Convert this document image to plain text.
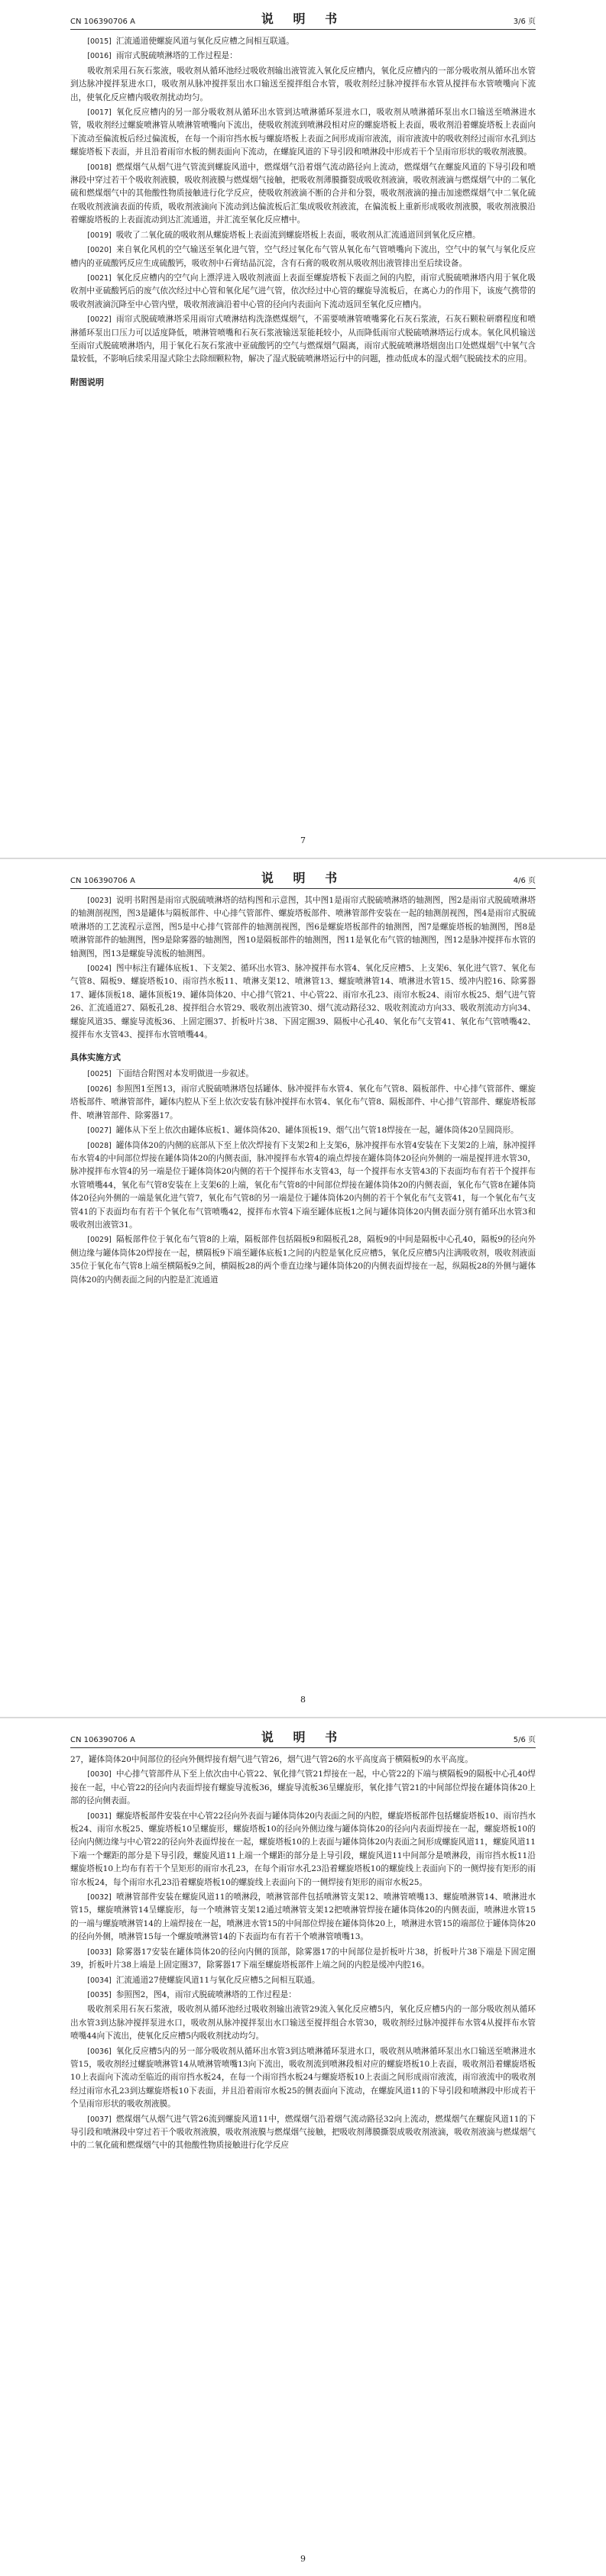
CN 106390706 A	说 明 书	3/6 页

[0015] 汇流通道使螺旋风道与氧化反应槽之间相互联通。

[0016] 雨帘式脱硫喷淋塔的工作过程是：

吸收剂采用石灰石浆液，吸收剂从循环池经过吸收剂输出液管流入氧化反应槽内，氧化反应槽内的一部分吸收剂从循环出水管到达脉冲搅拌泵进水口，吸收剂从脉冲搅拌泵出水口输送至搅拌组合水管，吸收剂经过脉冲搅拌布水管从搅拌布水管喷嘴向下流出，使氧化反应槽内吸收剂扰动均匀。

[0017] 氧化反应槽内的另一部分吸收剂从循环出水管到达喷淋循环泵进水口，吸收剂从喷淋循环泵出水口输送至喷淋进水管，吸收剂经过螺旋喷淋管从喷淋管喷嘴向下流出，使吸收剂流到喷淋段相对应的螺旋塔板上表面，吸收剂沿着螺旋塔板上表面向下流动至偏流板后经过偏流板，在每一个雨帘挡水板与螺旋塔板上表面之间形成雨帘液流，雨帘液流中的吸收剂经过雨帘水孔到达螺旋塔板下表面，并且沿着雨帘水板的侧表面向下流动，在螺旋风道的下导引段和喷淋段中形成若干个呈雨帘形状的吸收剂液膜。

[0018] 燃煤烟气从烟气进气管流到螺旋风道中，燃煤烟气沿着烟气流动路径向上流动，燃煤烟气在螺旋风道的下导引段和喷淋段中穿过若干个吸收剂液膜，吸收剂液膜与燃煤烟气接触，把吸收剂薄膜撕裂成吸收剂液滴，吸收剂液滴与燃煤烟气中的二氧化硫和燃煤烟气中的其他酸性物质接触进行化学反应，使吸收剂液滴不断的合并和分裂，吸收剂液滴的撞击加速燃煤烟气中二氧化硫在吸收剂液滴表面的传质，吸收剂液滴向下流动到达偏流板后汇集成吸收剂液流，在偏流板上重新形成吸收剂液膜，吸收剂液膜沿着螺旋塔板的上表面流动到达汇流通道，并汇流至氧化反应槽中。

[0019] 吸收了二氧化硫的吸收剂从螺旋塔板上表面流到螺旋塔板上表面，吸收剂从汇流通道回到氧化反应槽。

[0020] 来自氧化风机的空气输送至氧化进气管，空气经过氧化布气管从氧化布气管喷嘴向下流出，空气中的氧气与氧化反应槽内的亚硫酸钙反应生成硫酸钙，吸收剂中石膏结晶沉淀，含有石膏的吸收剂从吸收剂出液管排出至后续设备。

[0021] 氧化反应槽内的空气向上漂浮进入吸收剂液面上表面至螺旋塔板下表面之间的内腔，雨帘式脱硫喷淋塔内用于氧化吸收剂中亚硫酸钙后的废气依次经过中心管和氧化尾气进气管，依次经过中心管的螺旋导流板后，在离心力的作用下，该废气携带的吸收剂液滴沉降至中心管内壁，吸收剂液滴沿着中心管的径向内表面向下流动返回至氧化反应槽内。

[0022] 雨帘式脱硫喷淋塔采用雨帘式喷淋结构洗涤燃煤烟气，不需要喷淋管喷嘴雾化石灰石浆液，石灰石颗粒研磨程度和喷淋循环泵出口压力可以适度降低，喷淋管喷嘴和石灰石浆液输送泵能耗较小，从而降低雨帘式脱硫喷淋塔运行成本。氧化风机输送至雨帘式脱硫喷淋塔内，用于氧化石灰石浆液中亚硫酸钙的空气与燃煤烟气隔离，雨帘式脱硫喷淋塔烟囱出口处燃煤烟气中氧气含量较低，不影响后续采用湿式除尘去除细颗粒物，解决了湿式脱硫喷淋塔运行中的问题，推动低成本的湿式烟气脱硫技术的应用。

附图说明
7
CN 106390706 A	说 明 书	4/6 页

[0023] 说明书附图是雨帘式脱硫喷淋塔的结构图和示意图，其中图1是雨帘式脱硫喷淋塔的轴测图，图2是雨帘式脱硫喷淋塔的轴测剖视图，图3是罐体与隔板部件、中心排气管部件、螺旋塔板部件、喷淋管部件安装在一起的轴测剖视图，图4是雨帘式脱硫喷淋塔的工艺流程示意图，图5是中心排气管部件的轴测剖视图，图6是螺旋塔板部件的轴测图，图7是螺旋塔板的轴测图，图8是喷淋管部件的轴测图，图9是除雾器的轴测图，图10是隔板部件的轴测图，图11是氧化布气管的轴测图，图12是脉冲搅拌布水管的轴测图，图13是螺旋导流板的轴测图。

[0024] 图中标注有罐体底板1、下支架2、循环出水管3、脉冲搅拌布水管4、氧化反应槽5、上支架6、氧化进气管7、氧化布气管8、隔板9、螺旋塔板10、雨帘挡水板11、喷淋支架12、喷淋管13、螺旋喷淋管14、喷淋进水管15、缓冲内腔16、除雾器17、罐体顶板18、罐体顶板19、罐体筒体20、中心排气管21、中心管22、雨帘水孔23、雨帘水板24、雨帘水板25、烟气进气管26、汇流通道27、隔板孔28、搅拌组合水管29、吸收剂出液管30、烟气流动路径32、吸收剂流动方向33、吸收剂流动方向34、螺旋风道35、螺旋导流板36、上固定圈37、折板叶片38、下固定圈39、隔板中心孔40、氧化布气支管41、氧化布气管喷嘴42、搅拌布水支管43、搅拌布水管喷嘴44。

具体实施方式

[0025] 下面结合附图对本发明做进一步叙述。

[0026] 参照图1至图13，雨帘式脱硫喷淋塔包括罐体、脉冲搅拌布水管4、氧化布气管8、隔板部件、中心排气管部件、螺旋塔板部件、喷淋管部件，罐体内腔从下至上依次安装有脉冲搅拌布水管4、氧化布气管8、隔板部件、中心排气管部件、螺旋塔板部件、喷淋管部件、除雾器17。

[0027] 罐体从下至上依次由罐体底板1、罐体筒体20、罐体顶板19、烟气出气管18焊接在一起，罐体筒体20呈圆筒形。

[0028] 罐体筒体20的内侧的底部从下至上依次焊接有下支架2和上支架6，脉冲搅拌布水管4安装在下支架2的上端，脉冲搅拌布水管4的中间部位焊接在罐体筒体20的内侧表面，脉冲搅拌布水管4的端点焊接在罐体筒体20径向外侧的一端是搅拌进水管30，脉冲搅拌布水管4的另一端是位于罐体筒体20内侧的若干个搅拌布水支管43，每一个搅拌布水支管43的下表面均布有若干个搅拌布水管喷嘴44，氧化布气管8安装在上支架6的上端，氧化布气管8的中间部位焊接在罐体筒体20的内侧表面，氧化布气管8在罐体筒体20径向外侧的一端是氧化进气管7，氧化布气管8的另一端是位于罐体筒体20内侧的若干个氧化布气支管41，每一个氧化布气支管41的下表面均布有若干个氧化布气管喷嘴42，搅拌布水管4下端至罐体底板1之间与罐体筒体20内侧表面分别有循环出水管3和吸收剂出液管31。

[0029] 隔板部件位于氧化布气管8的上端，隔板部件包括隔板9和隔板孔28，隔板9的中间是隔板中心孔40，隔板9的径向外侧边缘与罐体筒体20焊接在一起，横隔板9下端至罐体底板1之间的内腔是氧化反应槽5，氧化反应槽5内注满吸收剂，吸收剂液面35位于氧化布气管8上端至横隔板9之间，横隔板28的两个垂直边缘与罐体筒体20的内侧表面焊接在一起，纵隔板28的外侧与罐体筒体20的内侧表面之间的内腔是汇流通道

8
CN 106390706 A	说 明 书	5/6 页

27，罐体筒体20中间部位的径向外侧焊接有烟气进气管26，烟气进气管26的水平高度高于横隔板9的水平高度。

[0030] 中心排气管部件从下至上依次由中心管22、氧化排气管21焊接在一起，中心管22的下端与横隔板9的隔板中心孔40焊接在一起，中心管22的径向内表面焊接有螺旋导流板36，螺旋导流板36呈螺旋形，氧化排气管21的中间部位焊接在罐体筒体20上部的径向侧表面。

[0031] 螺旋塔板部件安装在中心管22径向外表面与罐体筒体20内表面之间的内腔，螺旋塔板部件包括螺旋塔板10、雨帘挡水板24、雨帘水板25、螺旋塔板10呈螺旋形，螺旋塔板10的径向外侧边缘与罐体筒体20的径向内表面焊接在一起，螺旋塔板10的径向内侧边缘与中心管22的径向外表面焊接在一起，螺旋塔板10的上表面与罐体筒体20内表面之间形成螺旋风道11，螺旋风道11下端一个螺距的部分是下导引段，螺旋风道11上端一个螺距的部分是上导引段，螺旋风道11中间部分是喷淋段，雨帘挡水板11沿螺旋塔板10上均布有若干个呈矩形的雨帘水孔23，在每个雨帘水孔23沿着螺旋塔板10的螺旋线上表面向下的一侧焊接有矩形的雨帘水板24，每个雨帘水孔23沿着螺旋塔板10的螺旋线上表面向下的一侧焊接有矩形的雨帘水板25。

[0032] 喷淋管部件安装在螺旋风道11的喷淋段，喷淋管部件包括喷淋管支架12、喷淋管喷嘴13、螺旋喷淋管14、喷淋进水管15，螺旋喷淋管14呈螺旋形，每一个喷淋管支架12通过喷淋管支架12把喷淋管焊接在罐体筒体20的内侧表面，喷淋进水管15的一端与螺旋喷淋管14的上端焊接在一起，喷淋进水管15的中间部位焊接在罐体筒体20上，喷淋进水管15的端部位于罐体筒体20的径向外侧，喷淋管15每一个螺旋喷淋管14的下表面均布有若干个喷淋管喷嘴13。

[0033] 除雾器17安装在罐体筒体20的径向内侧的顶部，除雾器17的中间部位是折板叶片38，折板叶片38下端是下固定圈39，折板叶片38上端是上固定圈37，除雾器17下端至螺旋塔板部件上端之间的内腔是缓冲内腔16。

[0034] 汇流通道27使螺旋风道11与氧化反应槽5之间相互联通。

[0035] 参照图2，图4，雨帘式脱硫喷淋塔的工作过程是：

吸收剂采用石灰石浆液，吸收剂从循环池经过吸收剂输出液管29流入氧化反应槽5内，氧化反应槽5内的一部分吸收剂从循环出水管3到达脉冲搅拌泵进水口，吸收剂从脉冲搅拌泵出水口输送至搅拌组合水管30，吸收剂经过脉冲搅拌布水管4从搅拌布水管喷嘴44向下流出，使氧化反应槽5内吸收剂扰动均匀。

[0036] 氧化反应槽5内的另一部分吸收剂从循环出水管3到达喷淋循环泵进水口，吸收剂从喷淋循环泵出水口输送至喷淋进水管15，吸收剂经过螺旋喷淋管14从喷淋管喷嘴13向下流出，吸收剂流到喷淋段相对应的螺旋塔板10上表面，吸收剂沿着螺旋塔板10上表面向下流动至临近的雨帘挡水板24，在每一个雨帘挡水板24与螺旋塔板10上表面之间形成雨帘液流，雨帘液流中的吸收剂经过雨帘水孔23到达螺旋塔板10下表面，并且沿着雨帘水板25的侧表面向下流动，在螺旋风道11的下导引段和喷淋段中形成若干个呈雨帘形状的吸收剂液膜。

[0037] 燃煤烟气从烟气进气管26流到螺旋风道11中，燃煤烟气沿着烟气流动路径32向上流动，燃煤烟气在螺旋风道11的下导引段和喷淋段中穿过若干个吸收剂液膜，吸收剂液膜与燃煤烟气接触，把吸收剂薄膜撕裂成吸收剂液滴，吸收剂液滴与燃煤烟气中的二氧化硫和燃煤烟气中的其他酸性物质接触进行化学反应

9
